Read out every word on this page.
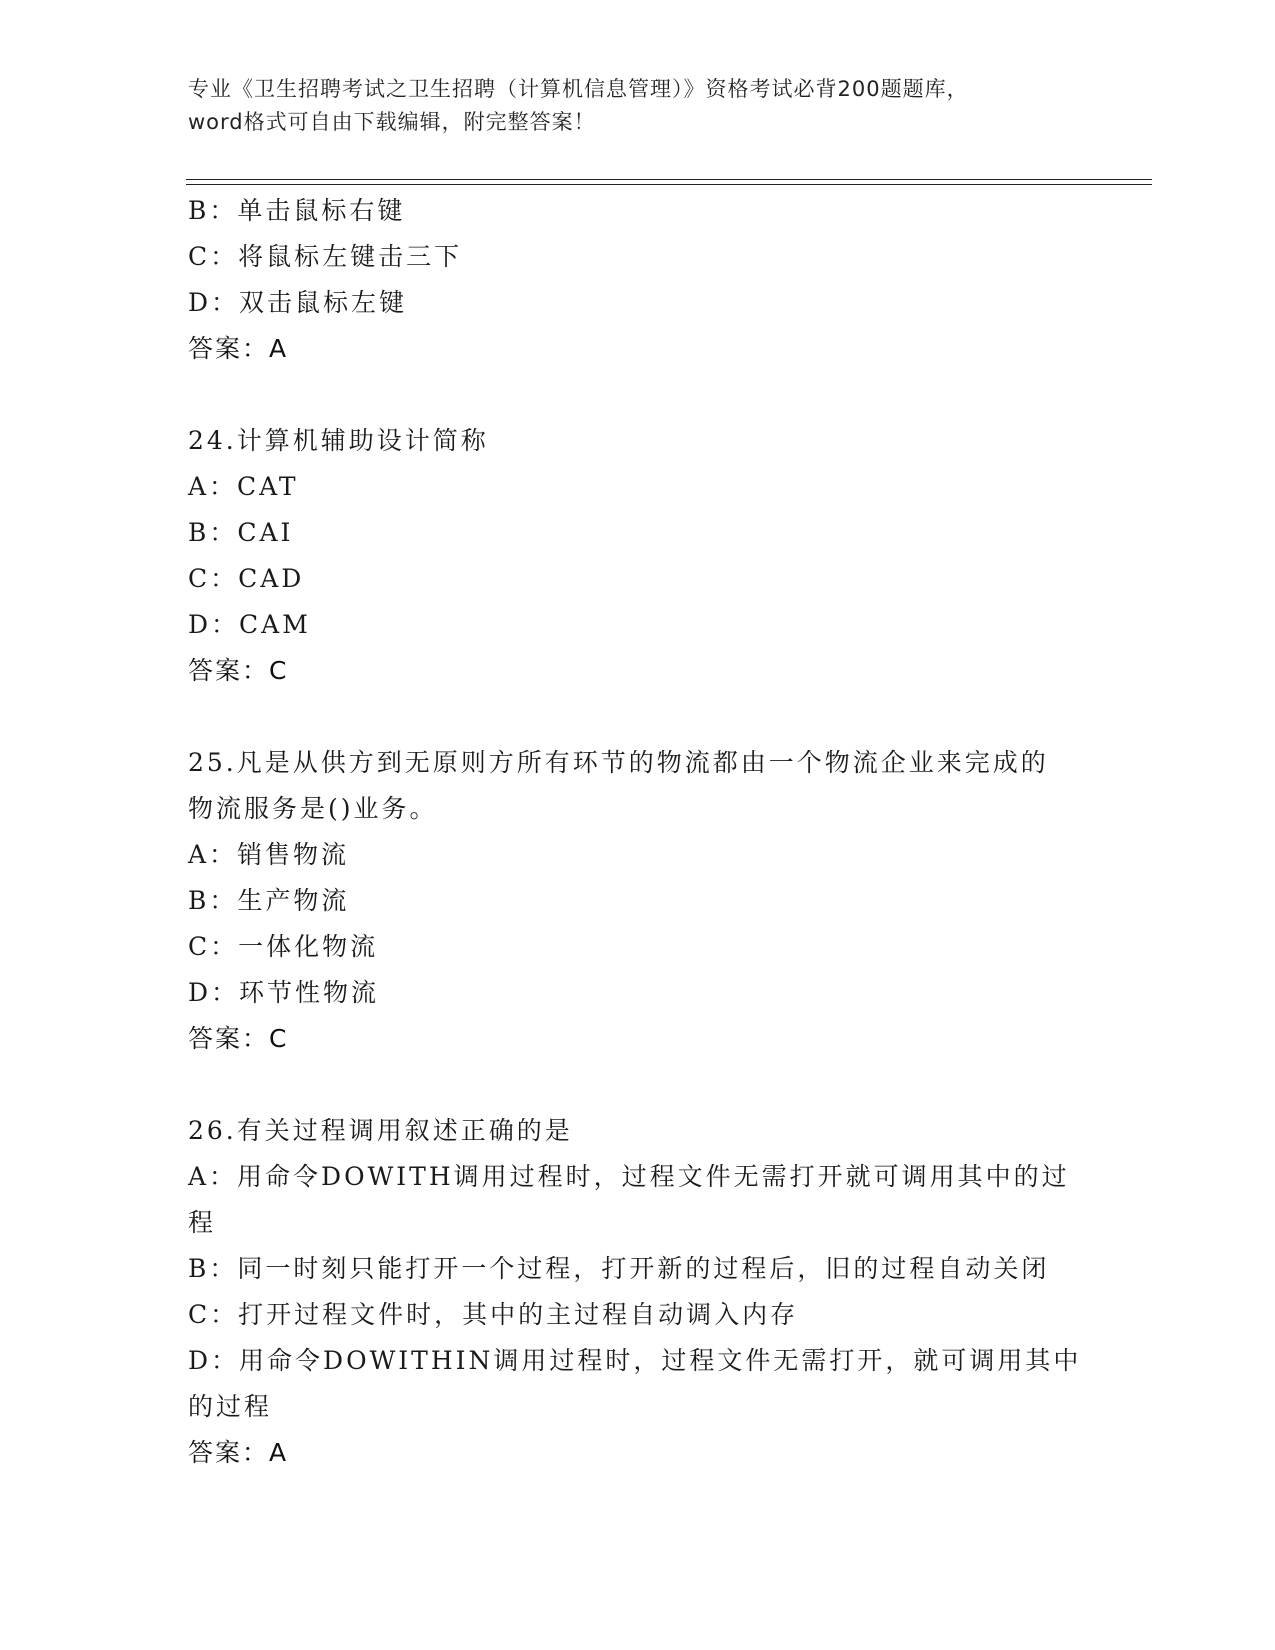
专业《卫生招聘考试之卫生招聘（计算机信息管理）》资格考试必背200题题库，
word格式可自由下载编辑，附完整答案！
B：单击鼠标右键
C：将鼠标左键击三下
D：双击鼠标左键
答案：A
24.计算机辅助设计简称
A：CAT
B：CAI
C：CAD
D：CAM
答案：C
25.凡是从供方到无原则方所有环节的物流都由一个物流企业来完成的
物流服务是()业务。
A：销售物流
B：生产物流
C：一体化物流
D：环节性物流
答案：C
26.有关过程调用叙述正确的是
A：用命令DOWITH调用过程时，过程文件无需打开就可调用其中的过
程
B：同一时刻只能打开一个过程，打开新的过程后，旧的过程自动关闭
C：打开过程文件时，其中的主过程自动调入内存
D：用命令DOWITHIN调用过程时，过程文件无需打开，就可调用其中
的过程
答案：A
